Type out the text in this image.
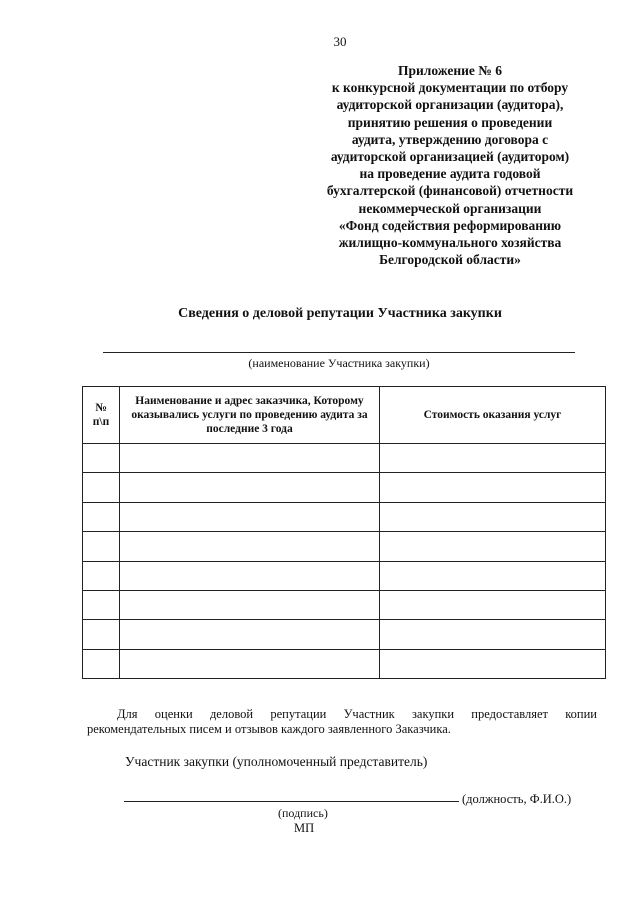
30
Приложение № 6
к конкурсной документации по отбору
аудиторской организации (аудитора),
принятию решения о проведении
аудита, утверждению договора с
аудиторской организацией (аудитором)
на проведение аудита годовой
бухгалтерской (финансовой) отчетности
некоммерческой организации
«Фонд содействия реформированию
жилищно-коммунального хозяйства
Белгородской области»
Сведения о деловой репутации Участника закупки
(наименование Участника закупки)
№
п\п	Наименование и адрес заказчика, Которому оказывались услуги по проведению аудита за последние 3 года	Стоимость оказания услуг

Для оценки деловой репутации Участник закупки предоставляет копии
рекомендательных писем и отзывов каждого заявленного Заказчика.
Участник закупки (уполномоченный представитель)
(должность, Ф.И.О.)
(подпись)
МП
